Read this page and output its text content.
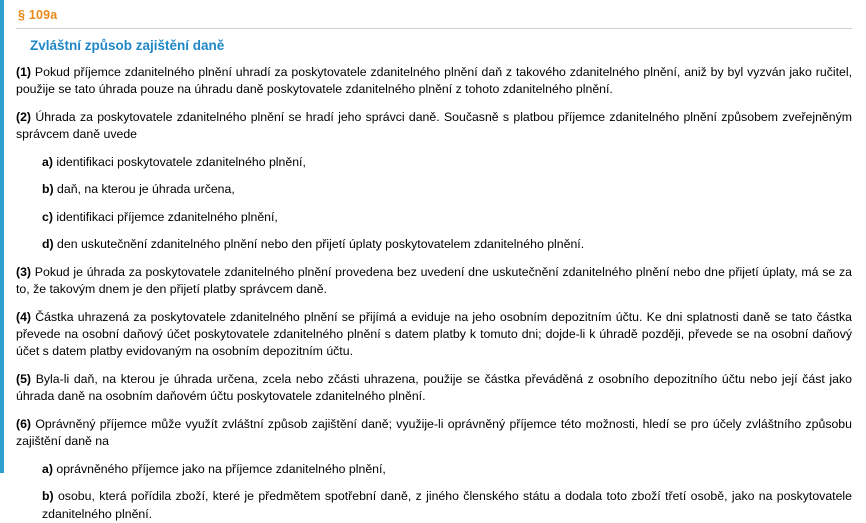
§ 109a
Zvláštní způsob zajištění daně

(1) Pokud příjemce zdanitelného plnění uhradí za poskytovatele zdanitelného plnění daň z takového zdanitelného plnění, aniž by byl vyzván jako ručitel, použije se tato úhrada pouze na úhradu daně poskytovatele zdanitelného plnění z tohoto zdanitelného plnění.

(2) Úhrada za poskytovatele zdanitelného plnění se hradí jeho správci daně. Současně s platbou příjemce zdanitelného plnění způsobem zveřejněným správcem daně uvede

a) identifikaci poskytovatele zdanitelného plnění,

b) daň, na kterou je úhrada určena,

c) identifikaci příjemce zdanitelného plnění,

d) den uskutečnění zdanitelného plnění nebo den přijetí úplaty poskytovatelem zdanitelného plnění.

(3) Pokud je úhrada za poskytovatele zdanitelného plnění provedena bez uvedení dne uskutečnění zdanitelného plnění nebo dne přijetí úplaty, má se za to, že takovým dnem je den přijetí platby správcem daně.

(4) Částka uhrazená za poskytovatele zdanitelného plnění se přijímá a eviduje na jeho osobním depozitním účtu. Ke dni splatnosti daně se tato částka převede na osobní daňový účet poskytovatele zdanitelného plnění s datem platby k tomuto dni; dojde-li k úhradě později, převede se na osobní daňový účet s datem platby evidovaným na osobním depozitním účtu.

(5) Byla-li daň, na kterou je úhrada určena, zcela nebo zčásti uhrazena, použije se částka převáděná z osobního depozitního účtu nebo její část jako úhrada daně na osobním daňovém účtu poskytovatele zdanitelného plnění.

(6) Oprávněný příjemce může využít zvláštní způsob zajištění daně; využije-li oprávněný příjemce této možnosti, hledí se pro účely zvláštního způsobu zajištění daně na

a) oprávněného příjemce jako na příjemce zdanitelného plnění,

b) osobu, která pořídila zboží, které je předmětem spotřební daně, z jiného členského státu a dodala toto zboží třetí osobě, jako na poskytovatele zdanitelného plnění.
